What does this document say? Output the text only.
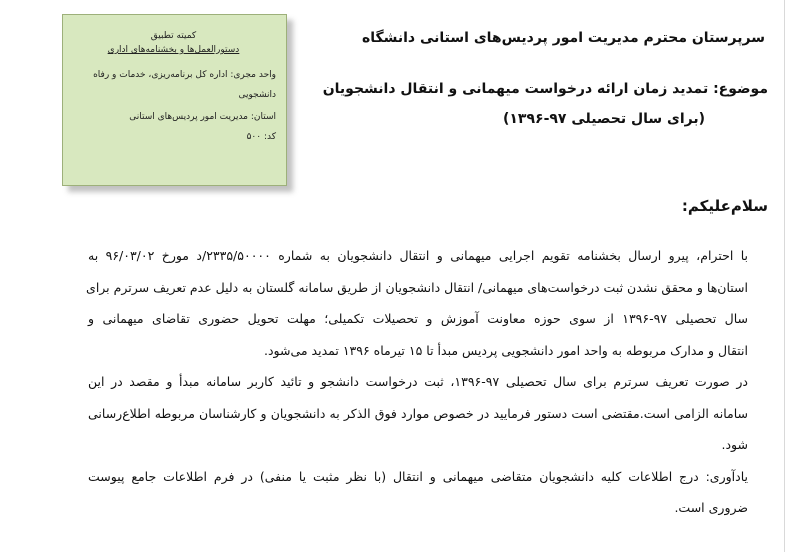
کمیته تطبیق
دستورالعمل‌ها و بخشنامه‌های اداری
واحد مجری: اداره کل برنامه‌ریزی، خدمات و رفاه دانشجویی
استان: مدیریت امور پردیس‌های استانی
کد: ۵۰۰
سرپرستان محترم مدیریت امور پردیس‌های استانی دانشگاه
موضوع: تمدید زمان ارائه درخواست میهمانی و انتقال دانشجویان
(برای سال تحصیلی ۹۷-۱۳۹۶)
سلام‌علیکم:
با احترام، پیرو ارسال بخشنامه تقویم اجرایی میهمانی و انتقال دانشجویان به شماره ۲۳۳۵/۵۰۰۰۰/د مورخ ۹۶/۰۳/۰۲ به
استان‌ها و محقق نشدن ثبت درخواست‌های میهمانی/ انتقال دانشجویان از طریق سامانه گلستان به دلیل عدم تعریف سرترم برای
سال تحصیلی ۹۷-۱۳۹۶ از سوی حوزه معاونت آموزش و تحصیلات تکمیلی؛ مهلت تحویل حضوری تقاضای میهمانی و
انتقال و مدارک مربوطه به واحد امور دانشجویی پردیس مبدأ تا ۱۵ تیرماه ۱۳۹۶ تمدید می‌شود.
در صورت تعریف سرترم برای سال تحصیلی ۹۷-۱۳۹۶، ثبت درخواست دانشجو و تائید کاربر سامانه مبدأ و مقصد در این
سامانه الزامی است.مقتضی است دستور فرمایید در خصوص موارد فوق الذکر به دانشجویان و کارشناسان مربوطه اطلاع‌رسانی
شود.
یادآوری: درج اطلاعات کلیه دانشجویان متقاضی میهمانی و انتقال (با نظر مثبت یا منفی) در فرم اطلاعات جامع پیوست
ضروری است.
